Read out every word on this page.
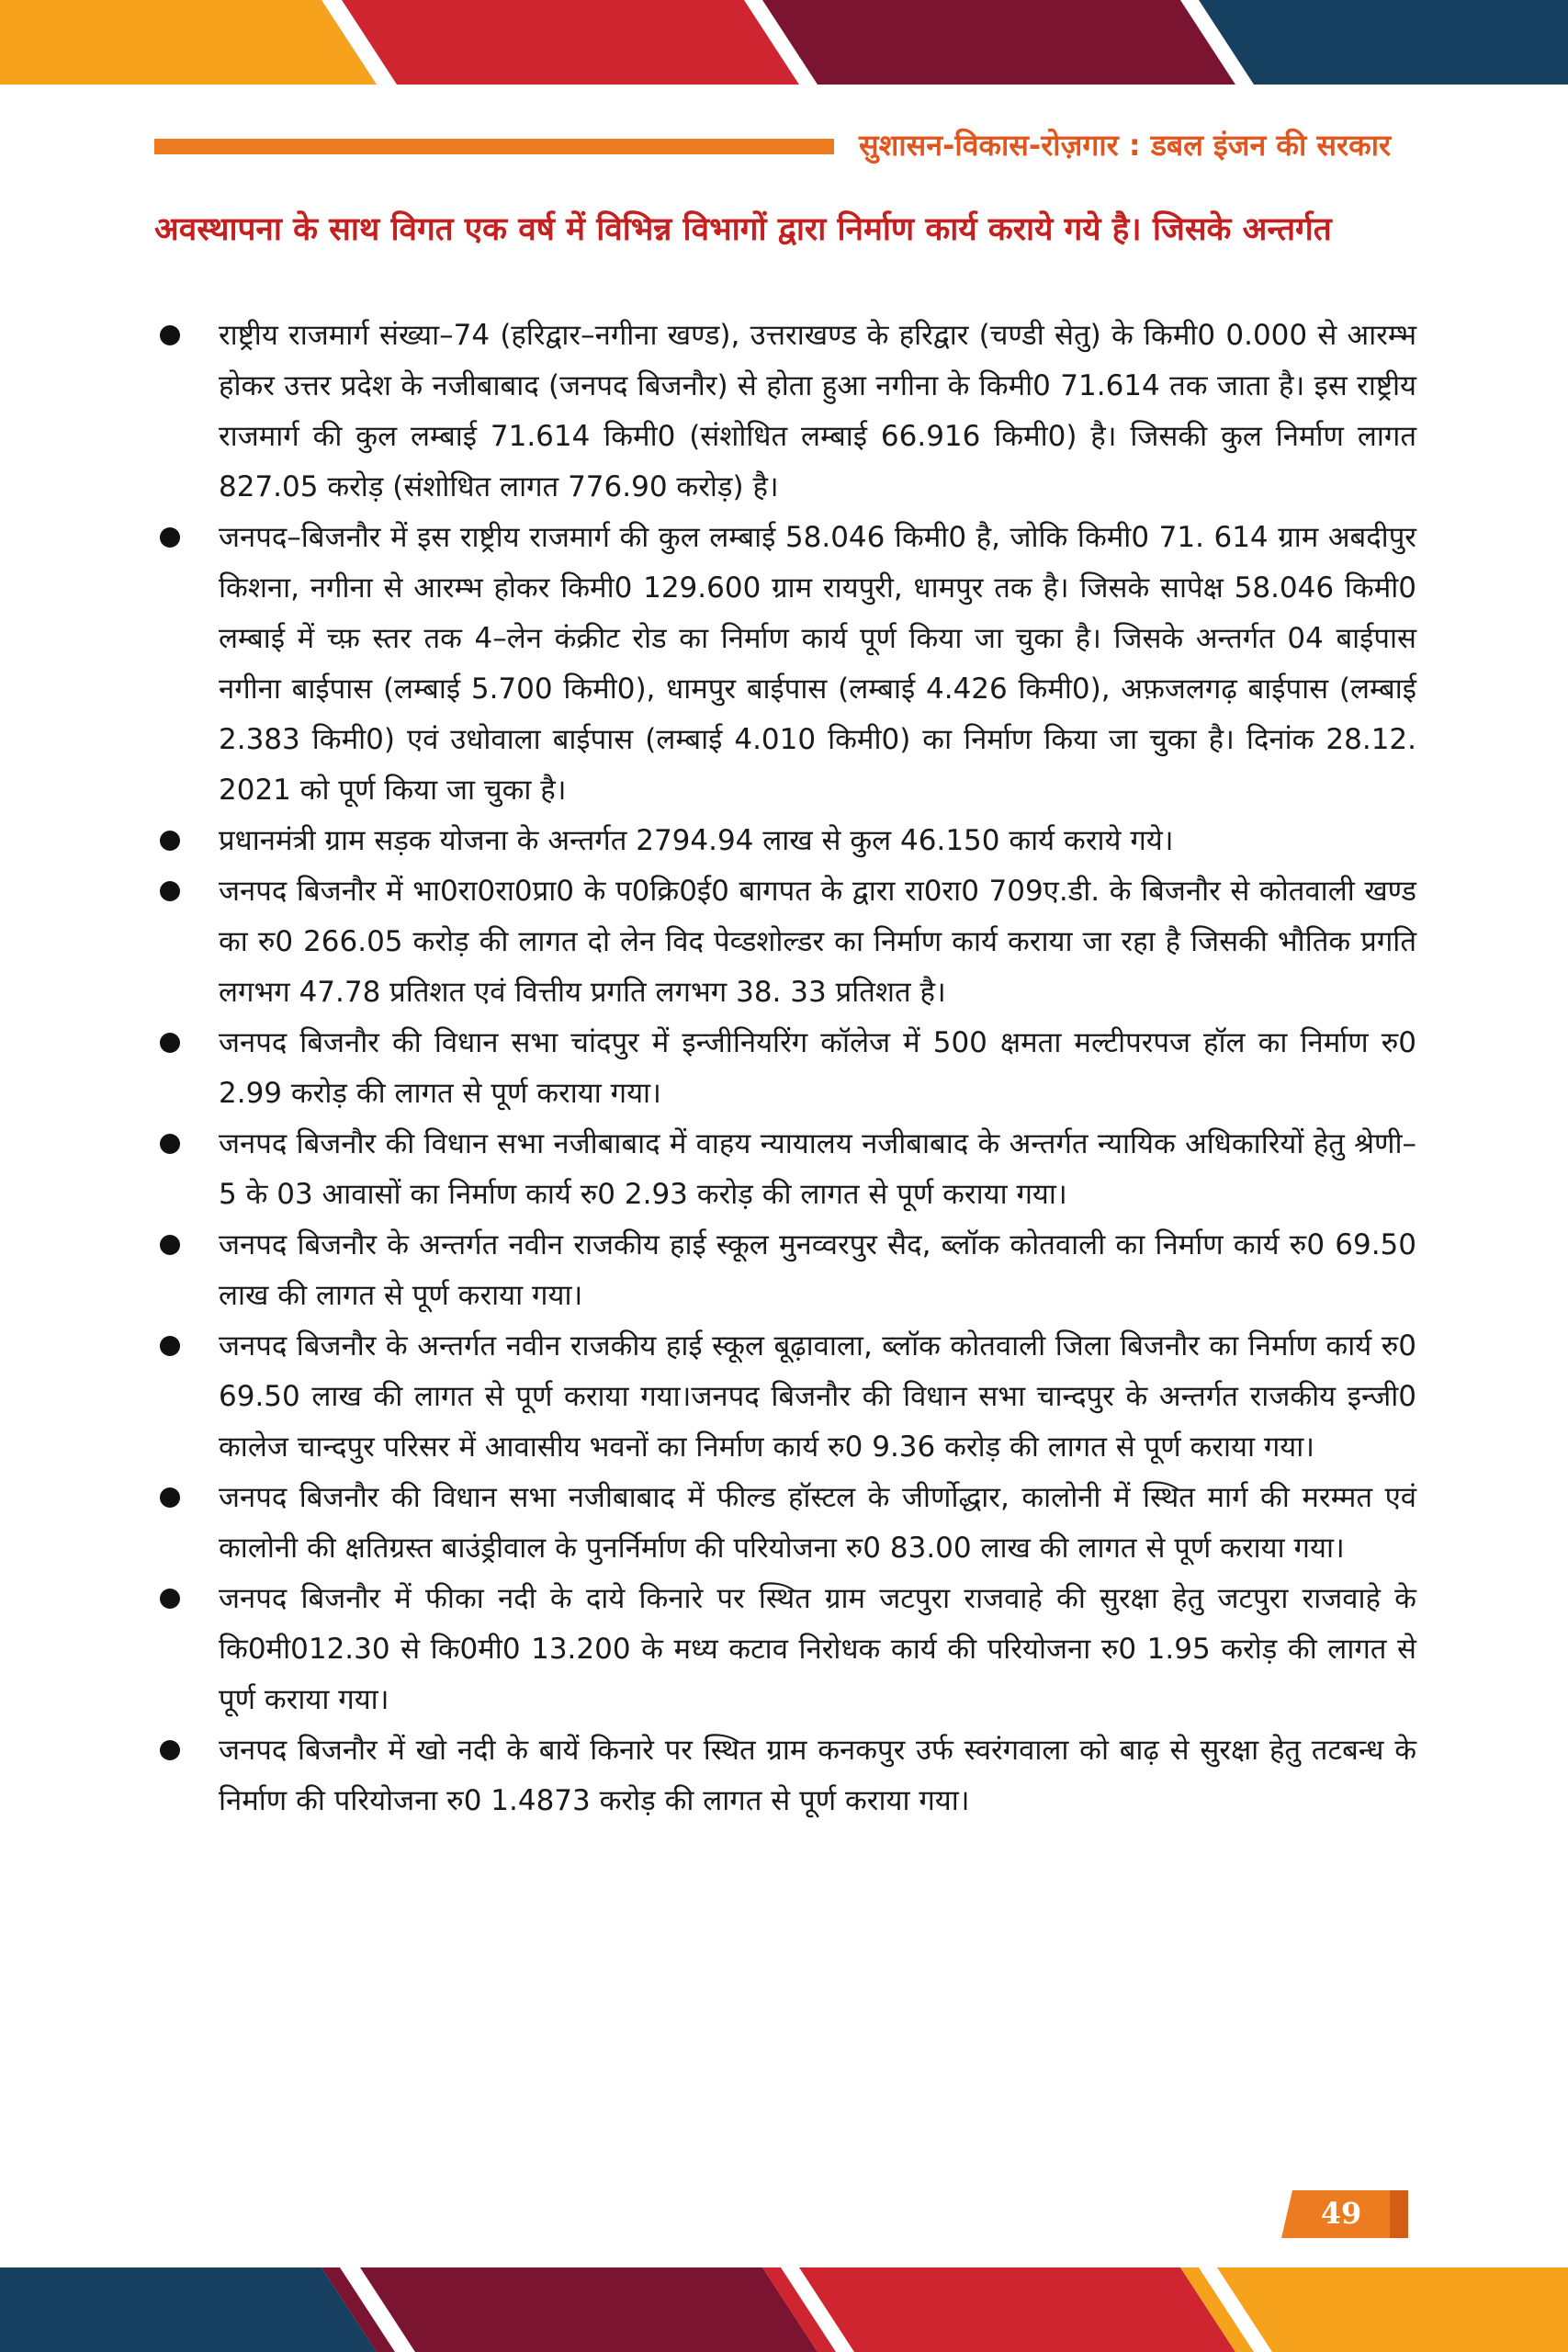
सुशासन-विकास-रोज़गार : डबल इंजन की सरकार
अवस्थापना के साथ विगत एक वर्ष में विभिन्न विभागों द्वारा निर्माण कार्य कराये गये है। जिसके अन्तर्गत
राष्ट्रीय राजमार्ग संख्या–74 (हरिद्वार–नगीना खण्ड), उत्तराखण्ड के हरिद्वार (चण्डी सेतु) के किमी0 0.000 से आरम्भ होकर उत्तर प्रदेश के नजीबाबाद (जनपद बिजनौर) से होता हुआ नगीना के किमी0 71.614 तक जाता है। इस राष्ट्रीय राजमार्ग की कुल लम्बाई 71.614 किमी0 (संशोधित लम्बाई 66.916 किमी0) है। जिसकी कुल निर्माण लागत 827.05 करोड़ (संशोधित लागत 776.90 करोड़) है।
जनपद–बिजनौर में इस राष्ट्रीय राजमार्ग की कुल लम्बाई 58.046 किमी0 है, जोकि किमी0 71. 614 ग्राम अबदीपुर किशना, नगीना से आरम्भ होकर किमी0 129.600 ग्राम रायपुरी, धामपुर तक है। जिसके सापेक्ष 58.046 किमी0 लम्बाई में च्फ़ स्तर तक 4–लेन कंक्रीट रोड का निर्माण कार्य पूर्ण किया जा चुका है। जिसके अन्तर्गत 04 बाईपास नगीना बाईपास (लम्बाई 5.700 किमी0), धामपुर बाईपास (लम्बाई 4.426 किमी0), अफ़जलगढ़ बाईपास (लम्बाई 2.383 किमी0) एवं उधोवाला बाईपास (लम्बाई 4.010 किमी0) का निर्माण किया जा चुका है। दिनांक 28.12. 2021 को पूर्ण किया जा चुका है।
प्रधानमंत्री ग्राम सड़क योजना के अन्तर्गत 2794.94 लाख से कुल 46.150 कार्य कराये गये।
जनपद बिजनौर में भा0रा0रा0प्रा0 के प0क्रि0ई0 बागपत के द्वारा रा0रा0 709ए.डी. के बिजनौर से कोतवाली खण्ड का रु0 266.05 करोड़ की लागत दो लेन विद पेव्डशोल्डर का निर्माण कार्य कराया जा रहा है जिसकी भौतिक प्रगति लगभग 47.78 प्रतिशत एवं वित्तीय प्रगति लगभग 38. 33 प्रतिशत है।
जनपद बिजनौर की विधान सभा चांदपुर में इन्जीनियरिंग कॉलेज में 500 क्षमता मल्टीपरपज हॉल का निर्माण रु0 2.99 करोड़ की लागत से पूर्ण कराया गया।
जनपद बिजनौर की विधान सभा नजीबाबाद में वाहय न्यायालय नजीबाबाद के अन्तर्गत न्यायिक अधिकारियों हेतु श्रेणी–5 के 03 आवासों का निर्माण कार्य रु0 2.93 करोड़ की लागत से पूर्ण कराया गया।
जनपद बिजनौर के अन्तर्गत नवीन राजकीय हाई स्कूल मुनव्वरपुर सैद, ब्लॉक कोतवाली का निर्माण कार्य रु0 69.50 लाख की लागत से पूर्ण कराया गया।
जनपद बिजनौर के अन्तर्गत नवीन राजकीय हाई स्कूल बूढ़ावाला, ब्लॉक कोतवाली जिला बिजनौर का निर्माण कार्य रु0 69.50 लाख की लागत से पूर्ण कराया गया।जनपद बिजनौर की विधान सभा चान्दपुर के अन्तर्गत राजकीय इन्जी0 कालेज चान्दपुर परिसर में आवासीय भवनों का निर्माण कार्य रु0 9.36 करोड़ की लागत से पूर्ण कराया गया।
जनपद बिजनौर की विधान सभा नजीबाबाद में फील्ड हॉस्टल के जीर्णोद्धार, कालोनी में स्थित मार्ग की मरम्मत एवं कालोनी की क्षतिग्रस्त बाउंड्रीवाल के पुनर्निर्माण की परियोजना रु0 83.00 लाख की लागत से पूर्ण कराया गया।
जनपद बिजनौर में फीका नदी के दाये किनारे पर स्थित ग्राम जटपुरा राजवाहे की सुरक्षा हेतु जटपुरा राजवाहे के कि0मी012.30 से कि0मी0 13.200 के मध्य कटाव निरोधक कार्य की परियोजना रु0 1.95 करोड़ की लागत से पूर्ण कराया गया।
जनपद बिजनौर में खो नदी के बायें किनारे पर स्थित ग्राम कनकपुर उर्फ स्वरंगवाला को बाढ़ से सुरक्षा हेतु तटबन्ध के निर्माण की परियोजना रु0 1.4873 करोड़ की लागत से पूर्ण कराया गया।
49
